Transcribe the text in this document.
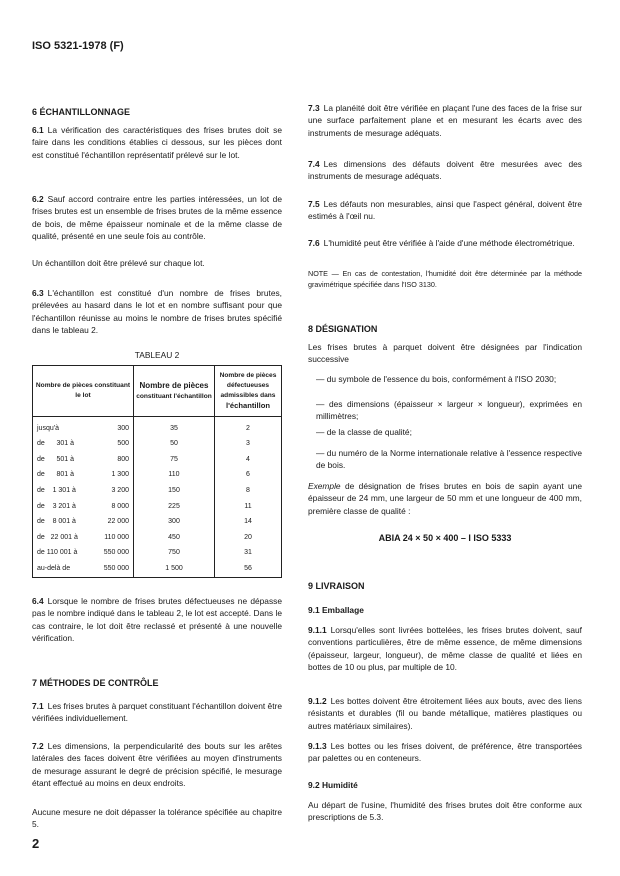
ISO 5321-1978 (F)
6 ÉCHANTILLONNAGE
6.1 La vérification des caractéristiques des frises brutes doit se faire dans les conditions établies ci dessous, sur les pièces dont est constitué l'échantillon représentatif prélevé sur le lot.
6.2 Sauf accord contraire entre les parties intéressées, un lot de frises brutes est un ensemble de frises brutes de la même essence de bois, de même épaisseur nominale et de la même classe de qualité, présenté en une seule fois au contrôle.
Un échantillon doit être prélevé sur chaque lot.
6.3 L'échantillon est constitué d'un nombre de frises brutes, prélevées au hasard dans le lot et en nombre suffisant pour que l'échantillon réunisse au moins le nombre de frises brutes spécifié dans le tableau 2.
TABLEAU 2
Nombre de pièces constituant le lot	Nombre de pièces
constituant l'échantillon	Nombre de pièces défectueuses admissibles dans
l'échantillon

jusqu'à 300	35	2

de      301 à 500	50	3

de      501 à 800	75	4

de      801 à 1 300	110	6

de    1 301 à 3 200	150	8

de    3 201 à 8 000	225	11

de    8 001 à 22 000	300	14

de   22 001 à 110 000	450	20

de 110 001 à 550 000	750	31

au-delà de 550 000	1 500	56
6.4 Lorsque le nombre de frises brutes défectueuses ne dépasse pas le nombre indiqué dans le tableau 2, le lot est accepté. Dans le cas contraire, le lot doit être reclassé et présenté à une nouvelle vérification.
7 MÉTHODES DE CONTRÔLE
7.1 Les frises brutes à parquet constituant l'échantillon doivent être vérifiées individuellement.
7.2 Les dimensions, la perpendicularité des bouts sur les arêtes latérales des faces doivent être vérifiées au moyen d'instruments de mesurage assurant le degré de précision spécifié, le mesurage étant effectué au moins en deux endroits.
Aucune mesure ne doit dépasser la tolérance spécifiée au chapitre 5.
2
7.3 La planéité doit être vérifiée en plaçant l'une des faces de la frise sur une surface parfaitement plane et en mesurant les écarts avec des instruments de mesurage adéquats.
7.4 Les dimensions des défauts doivent être mesurées avec des instruments de mesurage adéquats.
7.5 Les défauts non mesurables, ainsi que l'aspect général, doivent être estimés à l'œil nu.
7.6 L'humidité peut être vérifiée à l'aide d'une méthode électrométrique.
NOTE — En cas de contestation, l'humidité doit être déterminée par la méthode gravimétrique spécifiée dans l'ISO 3130.
8 DÉSIGNATION
Les frises brutes à parquet doivent être désignées par l'indication successive
— du symbole de l'essence du bois, conformément à l'ISO 2030;
— des dimensions (épaisseur × largeur × longueur), exprimées en millimètres;
— de la classe de qualité;
— du numéro de la Norme internationale relative à l'essence respective de bois.
Exemple de désignation de frises brutes en bois de sapin ayant une épaisseur de 24 mm, une largeur de 50 mm et une longueur de 400 mm, première classe de qualité :
ABIA 24 × 50 × 400 – I ISO 5333
9 LIVRAISON
9.1 Emballage
9.1.1 Lorsqu'elles sont livrées bottelées, les frises brutes doivent, sauf conventions particulières, être de même essence, de même dimensions (épaisseur, largeur, longueur), de même classe de qualité et liées en bottes de 10 ou plus, par multiple de 10.
9.1.2 Les bottes doivent être étroitement liées aux bouts, avec des liens résistants et durables (fil ou bande métallique, matières plastiques ou autres matériaux similaires).
9.1.3 Les bottes ou les frises doivent, de préférence, être transportées par palettes ou en conteneurs.
9.2 Humidité
Au départ de l'usine, l'humidité des frises brutes doit être conforme aux prescriptions de 5.3.
